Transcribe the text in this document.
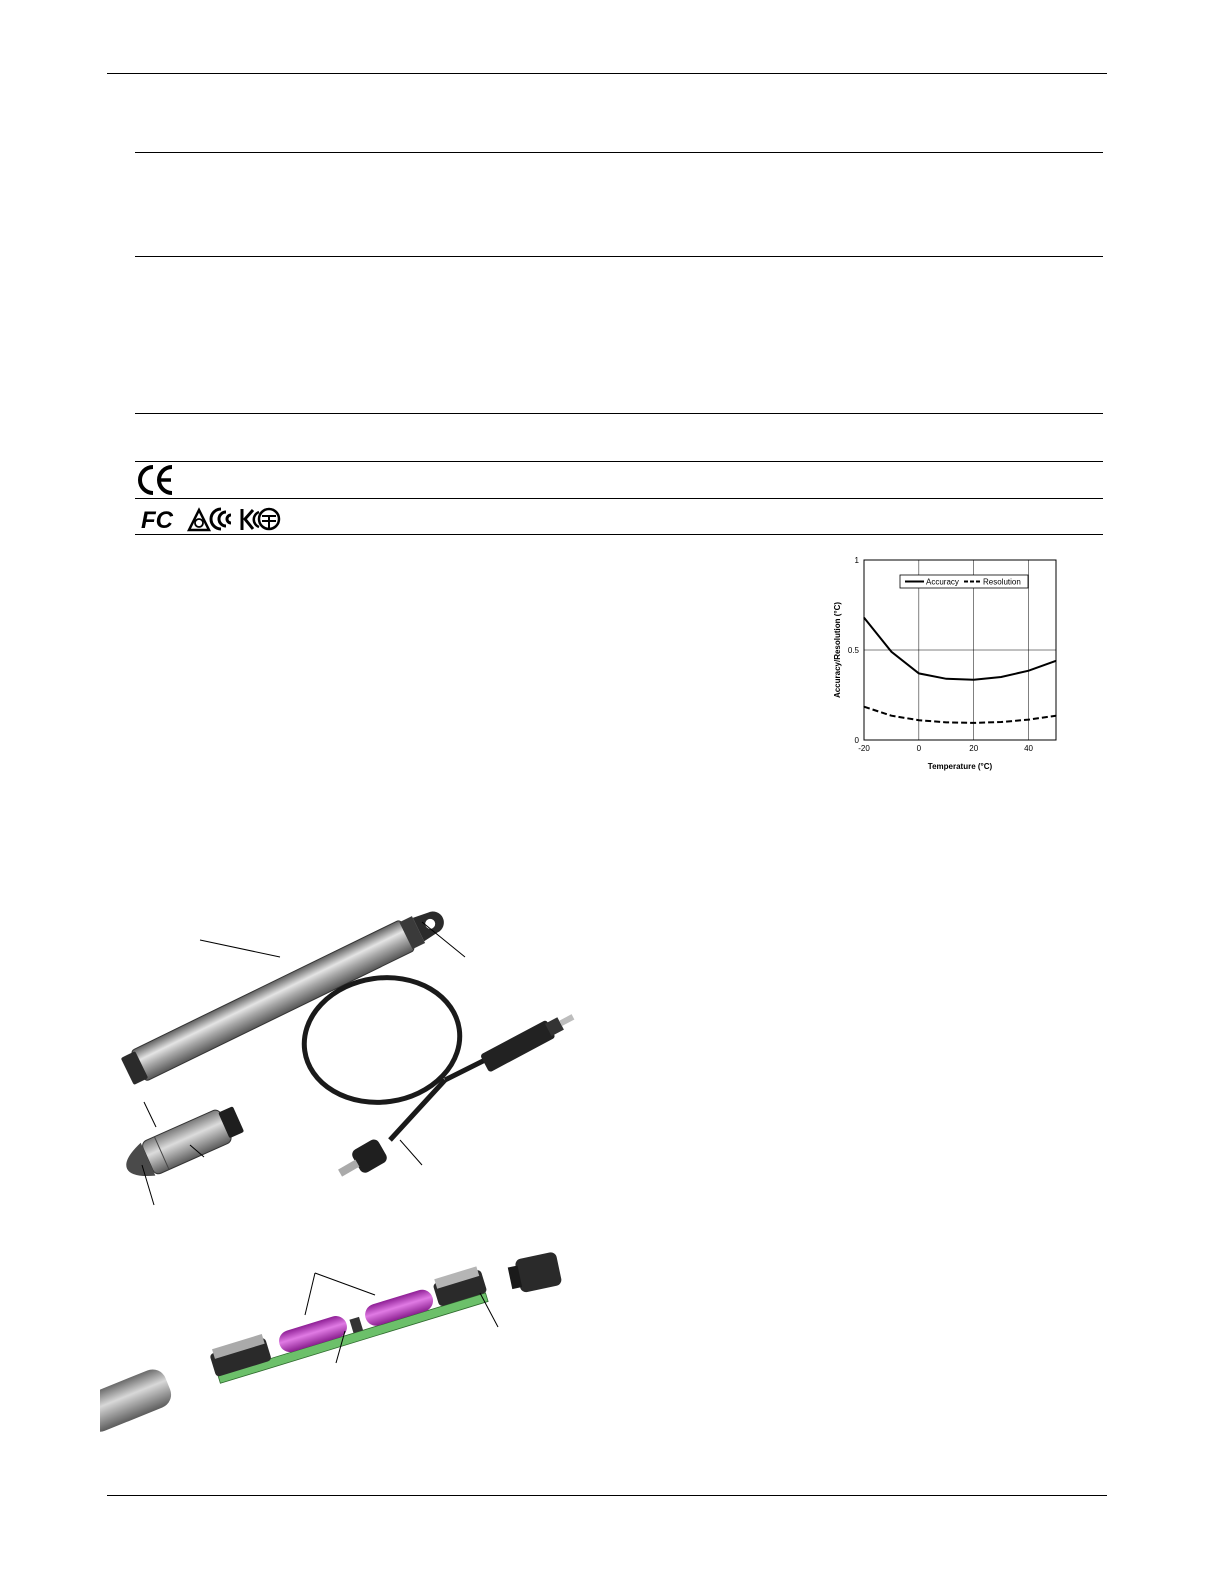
FC
-20	0	20	40
0
0.5
1
Accuracy	Resolution
Temperature (°C)
Accuracy/Resolution (°C)
